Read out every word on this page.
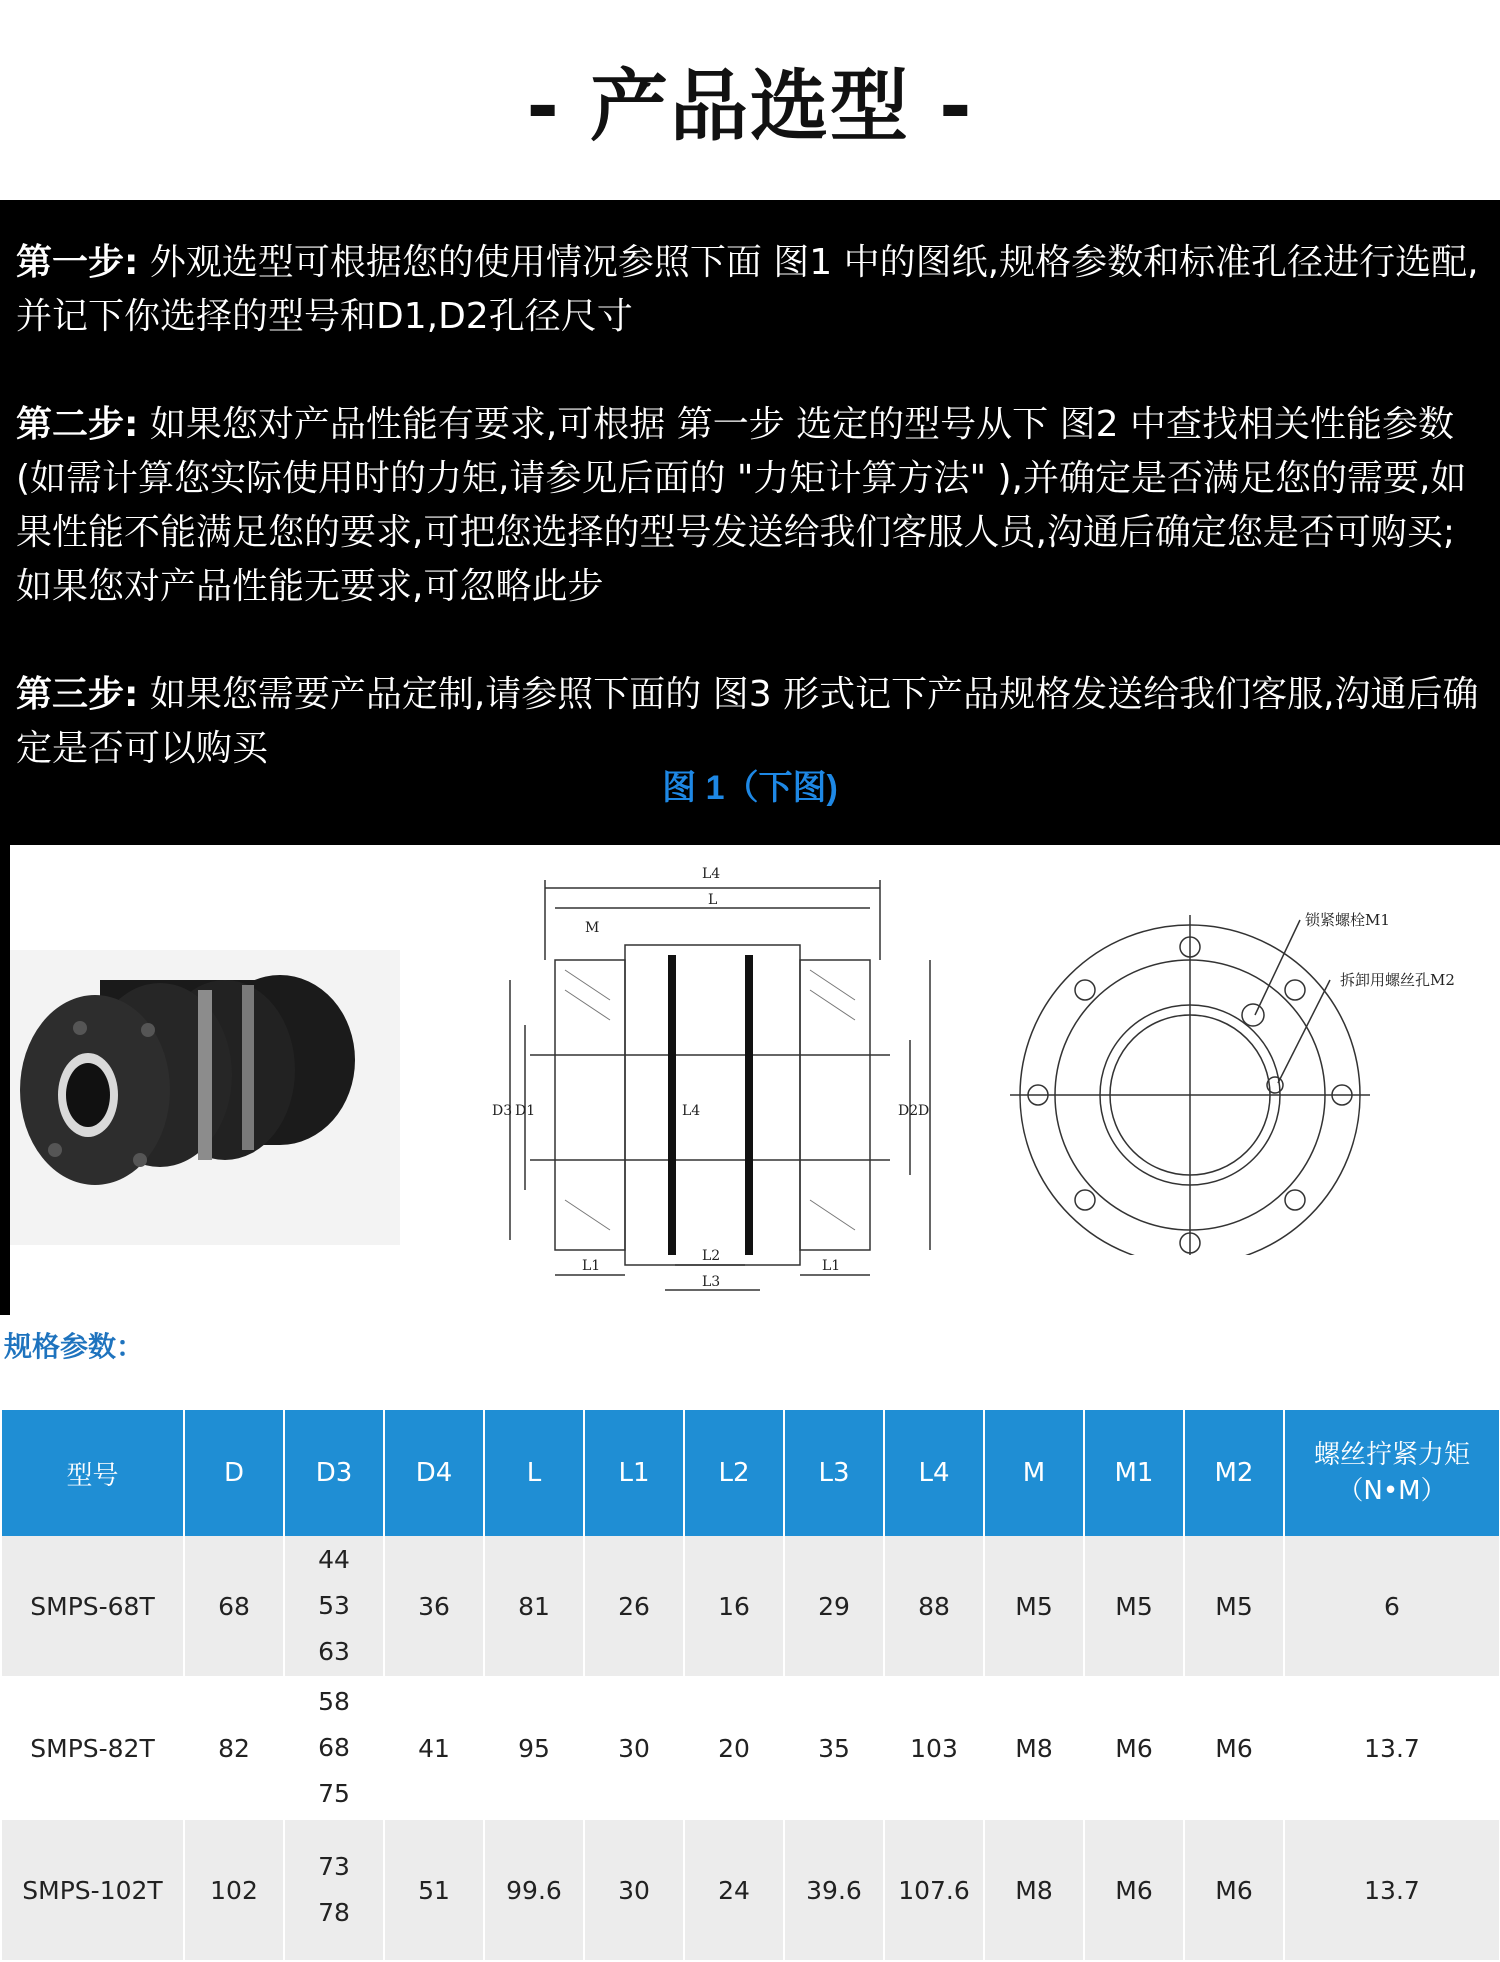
- 产品选型 -

第一步: 外观选型可根据您的使用情况参照下面 图1 中的图纸,规格参数和标准孔径进行选配,并记下你选择的型号和D1,D2孔径尺寸

第二步: 如果您对产品性能有要求,可根据 第一步 选定的型号从下 图2 中查找相关性能参数(如需计算您实际使用时的力矩,请参见后面的 "力矩计算方法" ),并确定是否满足您的需要,如果性能不能满足您的要求,可把您选择的型号发送给我们客服人员,沟通后确定您是否可购买;如果您对产品性能无要求,可忽略此步

第三步: 如果您需要产品定制,请参照下面的 图3 形式记下产品规格发送给我们客服,沟通后确定是否可以购买

图 1（下图)
L4
L
M
D3 D1	L4	D2 D
L1
L2
L1
L3
锁紧螺栓M1
拆卸用螺丝孔M2
规格参数：
型号	D	D3	D4	L	L1	L2	L3	L4	M	M1	M2	螺丝拧紧力矩
（N•M）

SMPS-68T	68	44
53
63	36	81	26	16	29	88	M5	M5	M5	6
SMPS-82T	82	58
68
75	41	95	30	20	35	103	M8	M6	M6	13.7
SMPS-102T	102	73
78	51	99.6	30	24	39.6	107.6	M8	M6	M6	13.7
